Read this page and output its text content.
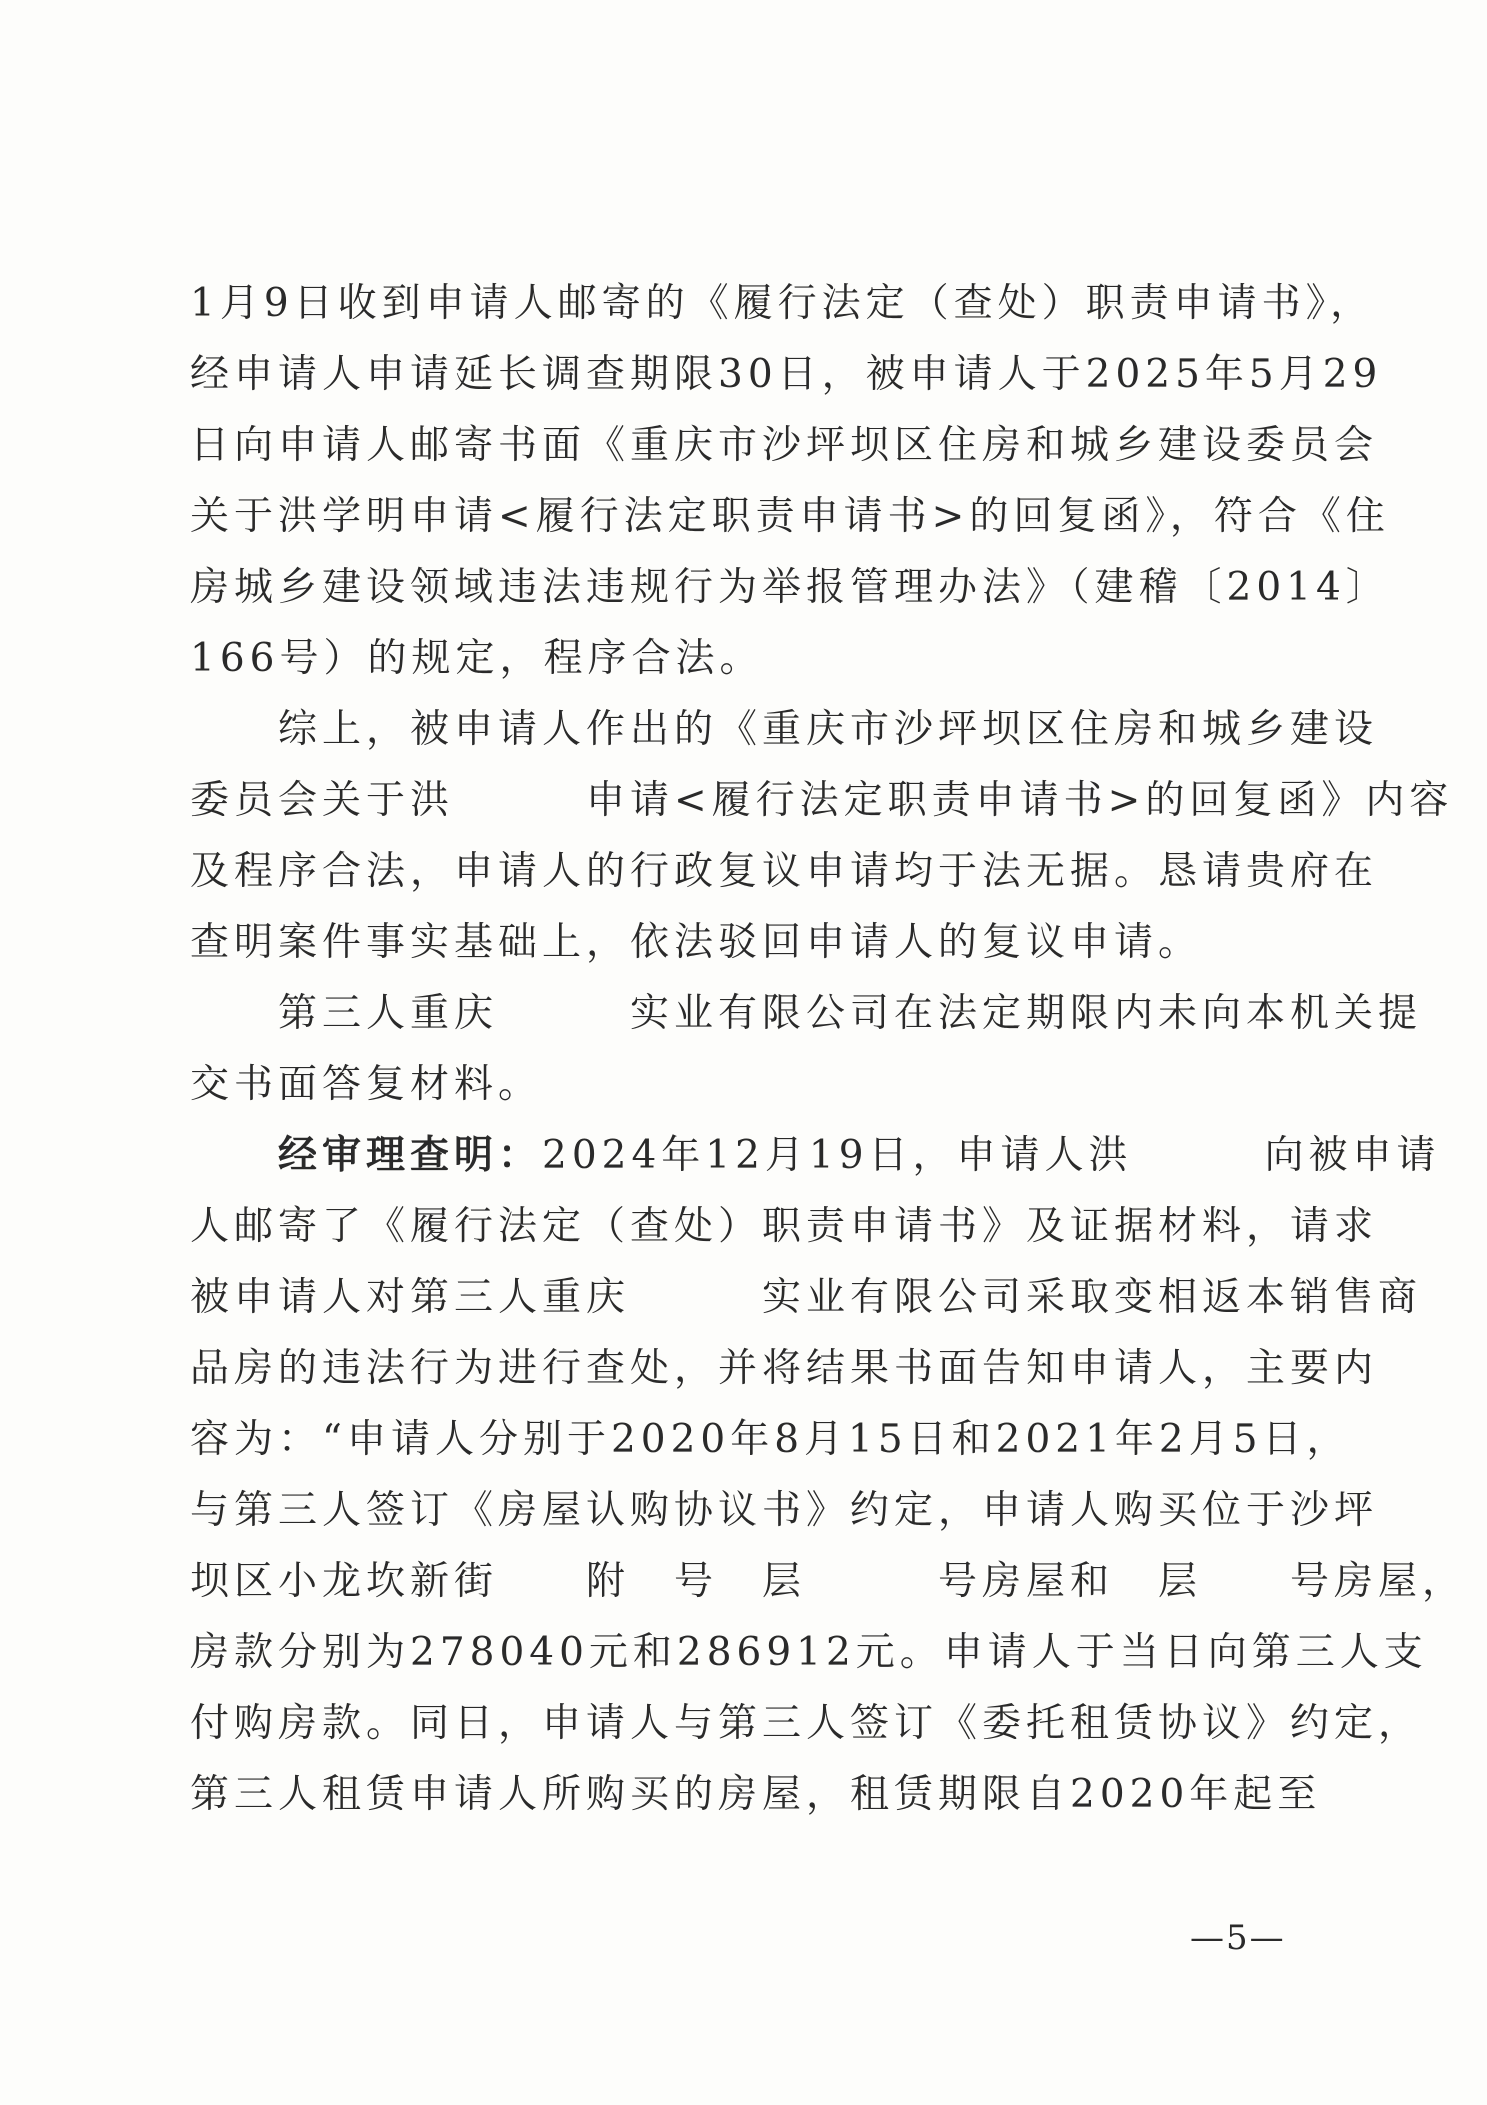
1月9日收到申请人邮寄的《履行法定（查处）职责申请书》，
经申请人申请延长调查期限30日，被申请人于2025年5月29
日向申请人邮寄书面《重庆市沙坪坝区住房和城乡建设委员会
关于洪学明申请<履行法定职责申请书>的回复函》，符合《住
房城乡建设领域违法违规行为举报管理办法》（建稽〔2014〕
166号）的规定，程序合法。
　　综上，被申请人作出的《重庆市沙坪坝区住房和城乡建设
委员会关于洪　　　申请<履行法定职责申请书>的回复函》内容
及程序合法，申请人的行政复议申请均于法无据。恳请贵府在
查明案件事实基础上，依法驳回申请人的复议申请。
　　第三人重庆　　　实业有限公司在法定期限内未向本机关提
交书面答复材料。
　　经审理查明：2024年12月19日，申请人洪　　　向被申请
人邮寄了《履行法定（查处）职责申请书》及证据材料，请求
被申请人对第三人重庆　　　实业有限公司采取变相返本销售商
品房的违法行为进行查处，并将结果书面告知申请人，主要内
容为：“申请人分别于2020年8月15日和2021年2月5日，
与第三人签订《房屋认购协议书》约定，申请人购买位于沙坪
坝区小龙坎新街　　附　号　层　　　号房屋和　层　　号房屋，
房款分别为278040元和286912元。申请人于当日向第三人支
付购房款。同日，申请人与第三人签订《委托租赁协议》约定，
第三人租赁申请人所购买的房屋，租赁期限自2020年起至
—5—
